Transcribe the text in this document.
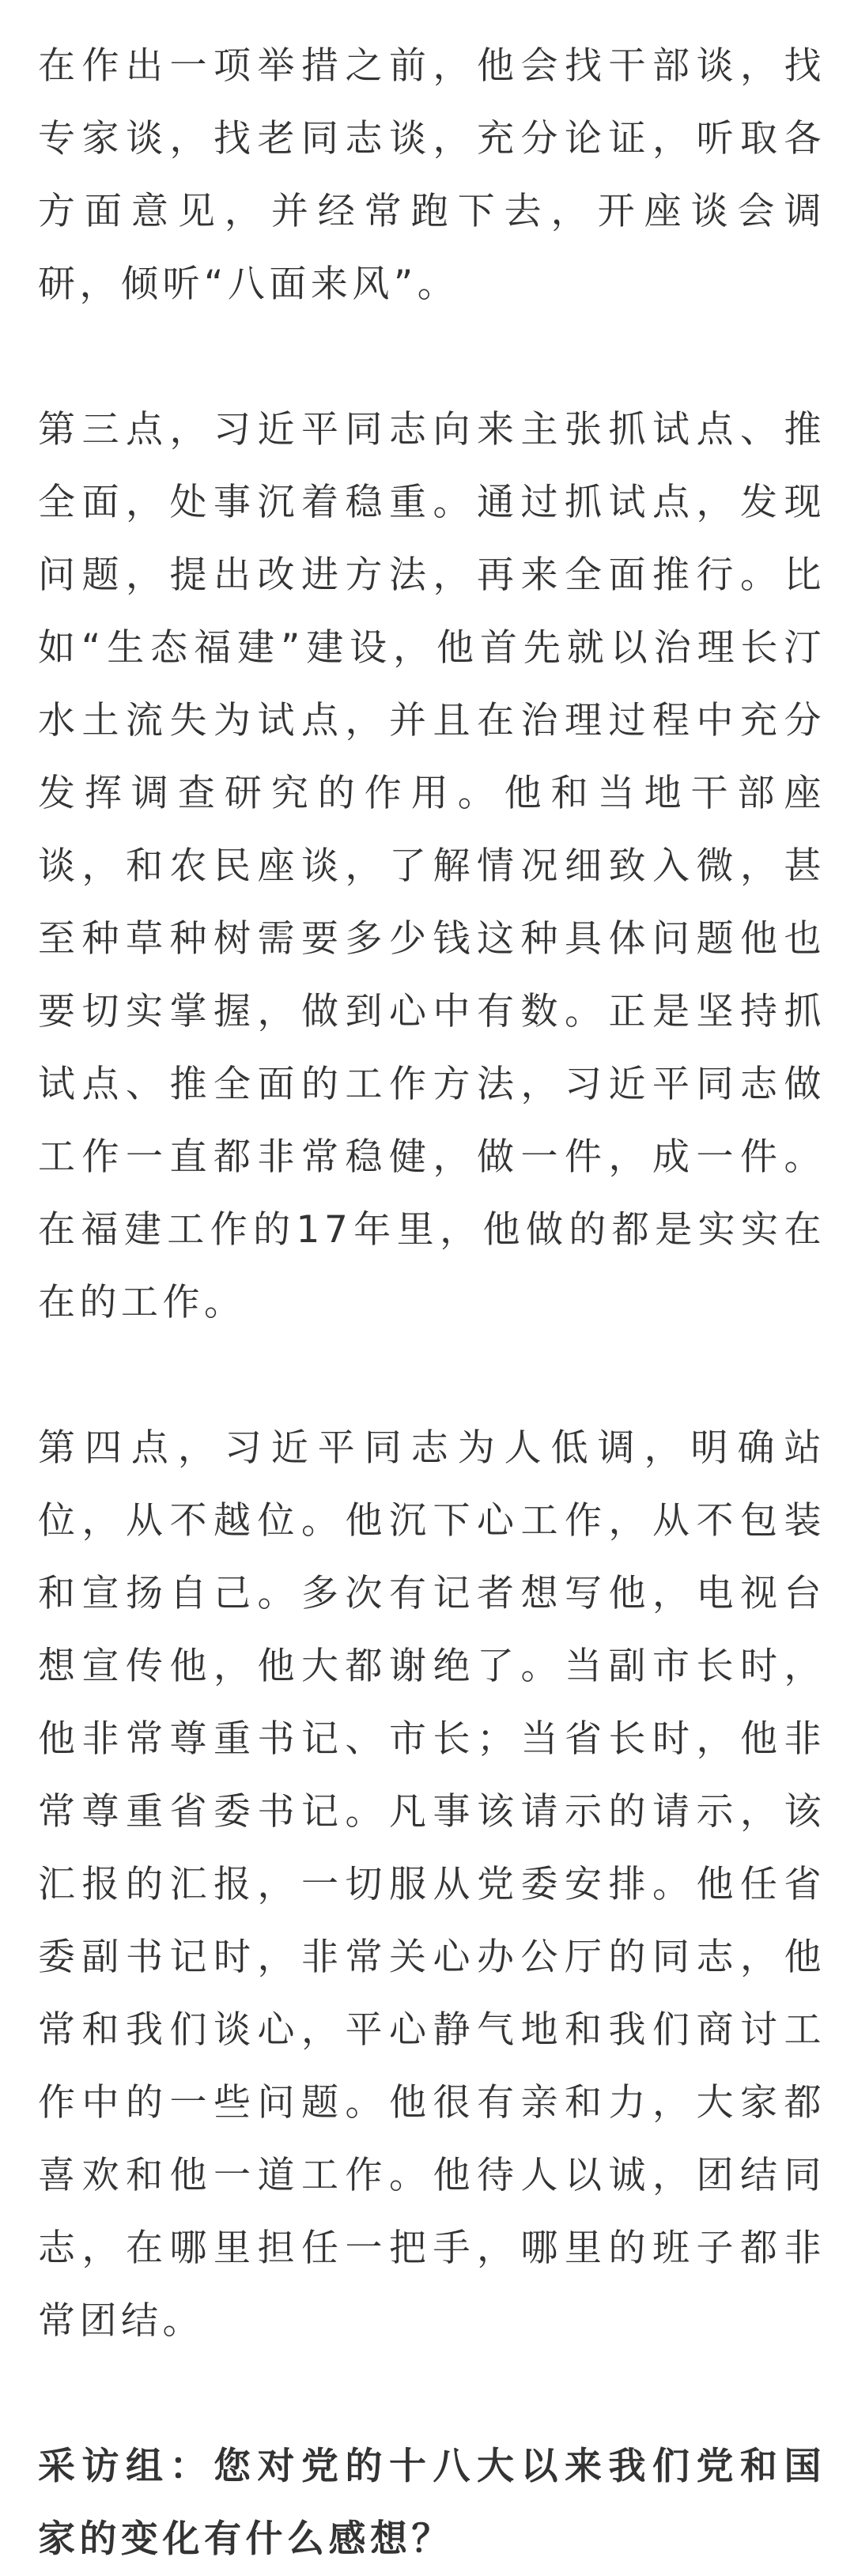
在作出一项举措之前，他会找干部谈，找专家谈，找老同志谈，充分论证，听取各方面意见，并经常跑下去，开座谈会调研，倾听“八面来风”。

第三点，习近平同志向来主张抓试点、推全面，处事沉着稳重。通过抓试点，发现问题，提出改进方法，再来全面推行。比如“生态福建”建设，他首先就以治理长汀水土流失为试点，并且在治理过程中充分发挥调查研究的作用。他和当地干部座谈，和农民座谈，了解情况细致入微，甚至种草种树需要多少钱这种具体问题他也要切实掌握，做到心中有数。正是坚持抓试点、推全面的工作方法，习近平同志做工作一直都非常稳健，做一件，成一件。在福建工作的17年里，他做的都是实实在在的工作。

第四点，习近平同志为人低调，明确站位，从不越位。他沉下心工作，从不包装和宣扬自己。多次有记者想写他，电视台想宣传他，他大都谢绝了。当副市长时，他非常尊重书记、市长；当省长时，他非常尊重省委书记。凡事该请示的请示，该汇报的汇报，一切服从党委安排。他任省委副书记时，非常关心办公厅的同志，他常和我们谈心，平心静气地和我们商讨工作中的一些问题。他很有亲和力，大家都喜欢和他一道工作。他待人以诚，团结同志，在哪里担任一把手，哪里的班子都非常团结。

采访组：您对党的十八大以来我们党和国家的变化有什么感想？
